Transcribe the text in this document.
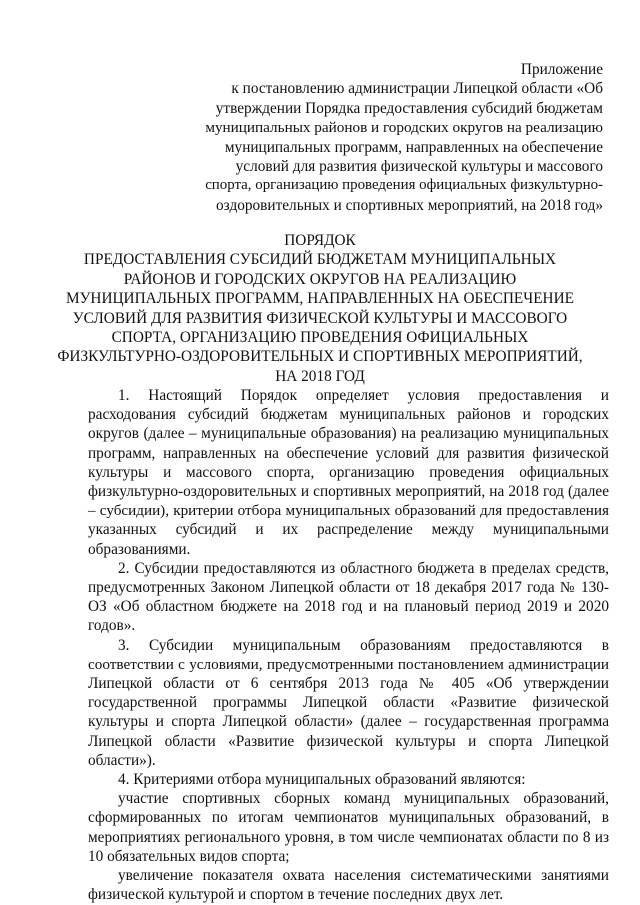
Приложение
к постановлению администрации Липецкой области «Об
утверждении Порядка предоставления субсидий бюджетам
муниципальных районов и городских округов на реализацию
муниципальных программ, направленных на обеспечение
условий для развития физической культуры и массового
спорта, организацию проведения официальных физкультурно-
оздоровительных и спортивных мероприятий, на 2018 год»
ПОРЯДОК
ПРЕДОСТАВЛЕНИЯ СУБСИДИЙ БЮДЖЕТАМ МУНИЦИПАЛЬНЫХ
РАЙОНОВ И ГОРОДСКИХ ОКРУГОВ НА РЕАЛИЗАЦИЮ
МУНИЦИПАЛЬНЫХ ПРОГРАММ, НАПРАВЛЕННЫХ НА ОБЕСПЕЧЕНИЕ
УСЛОВИЙ ДЛЯ РАЗВИТИЯ ФИЗИЧЕСКОЙ КУЛЬТУРЫ И МАССОВОГО
СПОРТА, ОРГАНИЗАЦИЮ ПРОВЕДЕНИЯ ОФИЦИАЛЬНЫХ
ФИЗКУЛЬТУРНО-ОЗДОРОВИТЕЛЬНЫХ И СПОРТИВНЫХ МЕРОПРИЯТИЙ,
НА 2018 ГОД
1. Настоящий Порядок определяет условия предоставления и
расходования субсидий бюджетам муниципальных районов и городских
округов (далее – муниципальные образования) на реализацию муниципальных
программ, направленных на обеспечение условий для развития физической
культуры и массового спорта, организацию проведения официальных
физкультурно-оздоровительных и спортивных мероприятий, на 2018 год (далее
– субсидии), критерии отбора муниципальных образований для предоставления
указанных субсидий и их распределение между муниципальными
образованиями.
2. Субсидии предоставляются из областного бюджета в пределах средств,
предусмотренных Законом Липецкой области от 18 декабря 2017 года № 130-
ОЗ «Об областном бюджете на 2018 год и на плановый период 2019 и 2020
годов».
3. Субсидии муниципальным образованиям предоставляются в
соответствии с условиями, предусмотренными постановлением администрации
Липецкой области от 6 сентября 2013 года № 405 «Об утверждении
государственной программы Липецкой области «Развитие физической
культуры и спорта Липецкой области» (далее – государственная программа
Липецкой области «Развитие физической культуры и спорта Липецкой
области»).
4. Критериями отбора муниципальных образований являются:
участие спортивных сборных команд муниципальных образований,
сформированных по итогам чемпионатов муниципальных образований, в
мероприятиях регионального уровня, в том числе чемпионатах области по 8 из
10 обязательных видов спорта;
увеличение показателя охвата населения систематическими занятиями
физической культурой и спортом в течение последних двух лет.
